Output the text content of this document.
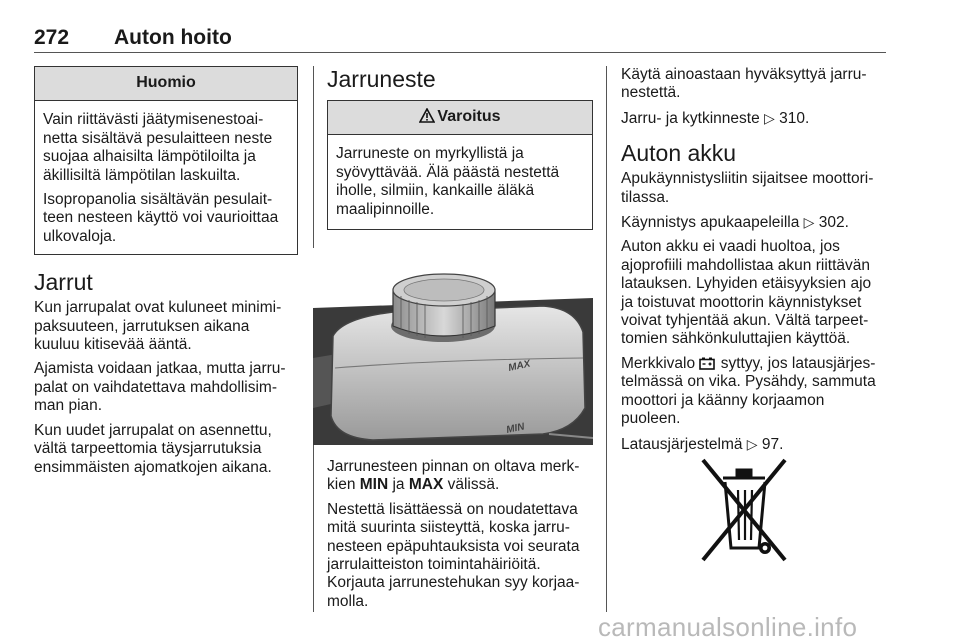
272 Auton hoito
Huomio

Vain riittävästi jäätymisenestoainetta sisältävä pesulaitteen neste suojaa alhaisilta lämpötiloilta ja äkillisiltä lämpötilan laskuilta.

Isopropanolia sisältävän pesulaitteen nesteen käyttö voi vaurioittaa ulkovaloja.

Jarrut

Kun jarrupalat ovat kuluneet minimipaksuuteen, jarrutuksen aikana kuuluu kitisevää ääntä.

Ajamista voidaan jatkaa, mutta jarrupalat on vaihdatettava mahdollisimman pian.

Kun uudet jarrupalat on asennettu, vältä tarpeettomia täysjarrutuksia ensimmäisten ajomatkojen aikana.

Jarruneste
Varoitus

Jarruneste on myrkyllistä ja syövyttävää. Älä päästä nestettä iholle, silmiin, kankaille äläkä maalipinnoille.

MAX
MIN

Jarrunesteen pinnan on oltava merkkien MIN ja MAX välissä.

Nestettä lisättäessä on noudatettava mitä suurinta siisteyttä, koska jarrunesteen epäpuhtauksista voi seurata jarrulaitteiston toimintahäiriöitä. Korjauta jarrunestehukan syy korjaamolla.

Käytä ainoastaan hyväksyttyä jarrunestettä.

Jarru- ja kytkinneste ▷ 310.

Auton akku

Apukäynnistysliitin sijaitsee moottoritilassa.

Käynnistys apukaapeleilla ▷ 302.

Auton akku ei vaadi huoltoa, jos ajoprofiili mahdollistaa akun riittävän latauksen. Lyhyiden etäisyyksien ajo ja toistuvat moottorin käynnistykset voivat tyhjentää akun. Vältä tarpeettomien sähkönkuluttajien käyttöä.

Merkkivalo  syttyy, jos latausjärjestelmässä on vika. Pysähdy, sammuta moottori ja käänny korjaamon puoleen.

Latausjärjestelmä ▷ 97.

carmanualsonline.info
